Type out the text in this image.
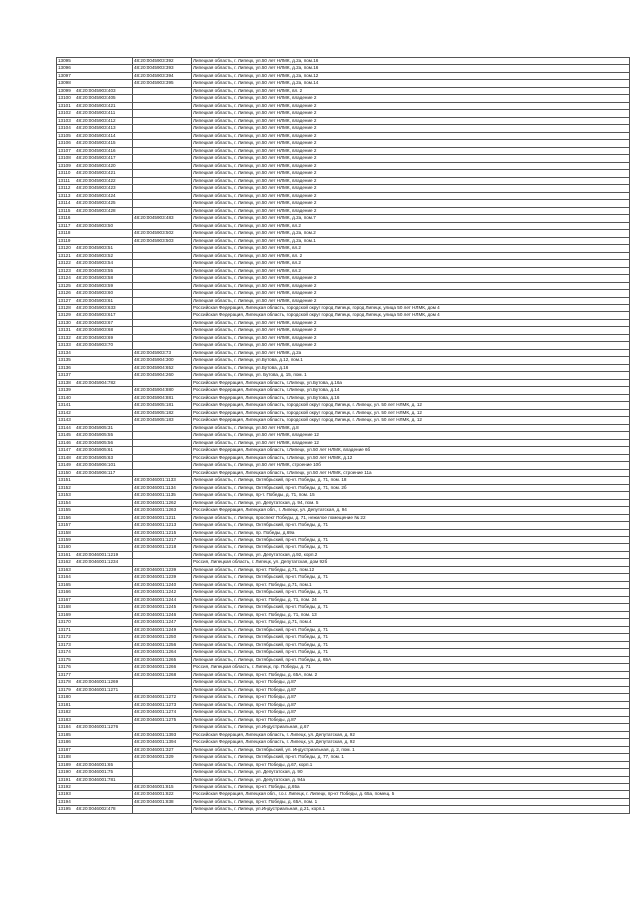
13095	48:20:0045903:392	Липецкая область, г. Липецк, ул.50 лет НЛМК, д.2а, пом.16
13096	48:20:0045903:393	Липецкая область, г. Липецк, ул.50 лет НЛМК, д.2а, пом.16
13097	48:20:0045903:394	Липецкая область, г. Липецк, ул.50 лет НЛМК, д.2а, пом.12
13098	48:20:0045903:395	Липецкая область, г. Липецк, ул.50 лет НЛМК, д.2а, пом.14
13099 48:20:0045903:403		Липецкая область, г. Липецк, ул.50 лет НЛМК, вл. 2
13100 48:20:0045903:405		Липецкая область, г. Липецк, ул.50 лет НЛМК, владение 2
13101 48:20:0045903:421		Липецкая область, г. Липецк, ул.50 лет НЛМК, владение 2
13102 48:20:0045903:411		Липецкая область, г. Липецк, ул.50 лет НЛМК, владение 2
13103 48:20:0045903:412		Липецкая область, г. Липецк, ул.50 лет НЛМК, владение 2
13104 48:20:0045903:413		Липецкая область, г. Липецк, ул.50 лет НЛМК, владение 2
13105 48:20:0045903:414		Липецкая область, г. Липецк, ул.50 лет НЛМК, владение 2
13106 48:20:0045903:415		Липецкая область, г. Липецк, ул.50 лет НЛМК, владение 2
13107 48:20:0045903:416		Липецкая область, г. Липецк, ул.50 лет НЛМК, владение 2
13108 48:20:0045903:417		Липецкая область, г. Липецк, ул.50 лет НЛМК, владение 2
13109 48:20:0045903:420		Липецкая область, г. Липецк, ул.50 лет НЛМК, владение 2
13110 48:20:0045903:421		Липецкая область, г. Липецк, ул.50 лет НЛМК, владение 2
13111 48:20:0045903:422		Липецкая область, г. Липецк, ул.50 лет НЛМК, владение 2
13112 48:20:0045903:423		Липецкая область, г. Липецк, ул.50 лет НЛМК, владение 2
13113 48:20:0045903:424		Липецкая область, г. Липецк, ул.50 лет НЛМК, владение 2
13114 48:20:0045903:425		Липецкая область, г. Липецк, ул.50 лет НЛМК, владение 2
13115 48:20:0045903:428		Липецкая область, г. Липецк, ул.50 лет НЛМК, владение 2
13116	48:20:0045903:483	Липецкая область, г. Липецк, ул.50 лет НЛМК, д.2а, пом.7
13117 48:20:0045903:50		Липецкая область, г. Липецк, ул.50 лет НЛМК, вл.2
13118	48:20:0045903:502	Липецкая область, г. Липецк, ул.50 лет НЛМК, д.2а, пом.2
13119	48:20:0045903:503	Липецкая область, г. Липецк, ул.50 лет НЛМК, д.2а, пом.1
13120 48:20:0045903:51		Липецкая область, г. Липецк, ул.50 лет НЛМК, вл.2
13121 48:20:0045903:52		Липецкая область, г. Липецк, ул.50 лет НЛМК, вл. 2
13122 48:20:0045903:54		Липецкая область, г. Липецк, ул.50 лет НЛМК, вл.2
13123 48:20:0045903:55		Липецкая область, г. Липецк, ул.50 лет НЛМК, вл.2
13124 48:20:0045903:58		Липецкая область, г. Липецк, ул.50 лет НЛМК, владение 2
13125 48:20:0045903:59		Липецкая область, г. Липецк, ул.50 лет НЛМК, владение 2
13126 48:20:0045903:60		Липецкая область, г. Липецк, ул.50 лет НЛМК, владение 2
13127 48:20:0045903:61		Липецкая область, г. Липецк, ул.50 лет НЛМК, владение 2
13128 48:20:0045903:633		Российская Федерация, Липецкая область, городской округ город Липецк, город Липецк, улица 50 лет НЛМК, дом 4
13129 48:20:0045903:617		Российская Федерация, Липецкая область, городской округ город Липецк, город Липецк, улица 50 лет НЛМК, дом 4
13130 48:20:0045903:67		Липецкая область, г. Липецк, ул.50 лет НЛМК, владение 2
13131 48:20:0045903:68		Липецкая область, г. Липецк, ул.50 лет НЛМК, владение 2
13132 48:20:0045903:69		Липецкая область, г. Липецк, ул.50 лет НЛМК, владение 2
13133 48:20:0045903:70		Липецкая область, г. Липецк, ул.50 лет НЛМК, владение 2
13134	48:20:0045903:73	Липецкая область, г. Липецк, ул.50 лет НЛМК, д.2а
13135	48:20:0045904:300	Липецкая область, г. Липецк, ул.Бутова, д.12, пом.1
13136	48:20:0045904:652	Липецкая область, г. Липецк, ул.Бутова, д.16
13137	48:20:0045904:260	Липецкая область, г. Липецк, ул. Бутова, д. 15, пом. 1
13138 48:20:0045904:782		Российская Федерация, Липецкая область, г.Липецк, ул.Бутова, д.16а
13139	48:20:0045904:880	Российская Федерация, Липецкая область, г.Липецк, ул.Бутова, д.14
13140	48:20:0045904:881	Российская Федерация, Липецкая область, г.Липецк, ул.Бутова, д.16
13141	48:20:0045905:181	Российская Федерация, Липецкая область, городской округ город Липецк, г. Липецк, ул. 50 лет НЛМК, д. 12
13142	48:20:0045905:182	Российская Федерация, Липецкая область, городской округ город Липецк, г. Липецк, ул. 50 лет НЛМК, д. 12
13143	48:20:0045905:183	Российская Федерация, Липецкая область, городской округ город Липецк, г. Липецк, ул. 50 лет НЛМК, д. 12
13144 48:20:0045905:31		Липецкая область, г. Липецк, ул.50 лет НЛМК, д.8
13145 48:20:0045905:55		Липецкая область, г. Липецк, ул.50 лет НЛМК, владение 12
13146 48:20:0045905:56		Липецкая область, г. Липецк, ул.50 лет НЛМК, владение 12
13147 48:20:0045905:61		Российская Федерация, Липецкая область, г.Липецк, ул.50 лет НЛМК, владение 6б
13148 48:20:0045905:63		Российская Федерация, Липецкая область, г.Липецк, ул.50 лет НЛМК, д.12
13149 48:20:0045906:101		Липецкая область, г. Липецк, ул.50 лет НЛМК, строение 10б
13150 48:20:0045906:117		Российская Федерация, Липецкая область, г.Липецк, ул.50 лет НЛМК, строение 11а
13151	48:20:0046001:1133	Липецкая область, г. Липецк, Октябрьский, пр-кт. Победы, д. 71, пом. 18
13152	48:20:0046001:1134	Липецкая область, г. Липецк, Октябрьский, пр-кт. Победы, д. 71, пом. 2б
13153	48:20:0046001:1135	Липецкая область, г. Липецк, пр-т. Победы, д. 71, пом. 15
13154	48:20:0046001:1262	Липецкая область, г. Липецк, ул. Депутатская, д. 94, пом. 5
13155	48:20:0046001:1263	Российская Федерация, Липецкая обл., г. Липецк, ул. Депутатская, д. 94
13156	48:20:0046001:1211	Липецкая область, г. Липецк, проспект Победы, д. 71, нежилое помещение № 22
13157	48:20:0046001:1213	Липецкая область, г. Липецк, Октябрьский, пр-кт. Победы, д. 71
13158	48:20:0046001:1215	Липецкая область, г. Липецк, пр. Победы, д.69а
13159	48:20:0046001:1217	Липецкая область, г. Липецк, Октябрьский, пр-кт. Победы, д. 71
13160	48:20:0046001:1218	Липецкая область, г. Липецк, Октябрьский, пр-кт. Победы, д. 71
13161 48:20:0046001:1219		Липецкая область, г. Липецк, ул. Депутатская, д.92, корп.2
13162 48:20:0046001:1234		Россия, Липецкая область, г. Липецк, ул. Депутатская, дом 92б
13163	48:20:0046001:1239	Липецкая область, г. Липецк, пр-кт. Победы, д.71, пом.12
13164	48:20:0046001:1239	Липецкая область, г. Липецк, Октябрьский, пр-кт. Победы, д. 71
13165	48:20:0046001:1240	Липецкая область, г. Липецк, пр-кт. Победы, д.71, пом.1
13166	48:20:0046001:1242	Липецкая область, г. Липецк, Октябрьский, пр-кт. Победы, д. 71
13167	48:20:0046001:1244	Липецкая область, г. Липецк, пр-кт. Победы, д. 71, пом. 24
13168	48:20:0046001:1245	Липецкая область, г. Липецк, Октябрьский, пр-кт. Победы, д. 71
13169	48:20:0046001:1246	Липецкая область, г. Липецк, пр-кт. Победы, д. 71, пом. 13
13170	48:20:0046001:1247	Липецкая область, г. Липецк, пр-кт. Победы, д.71, пом.4
13171	48:20:0046001:1249	Липецкая область, г. Липецк, Октябрьский, пр-кт. Победы, д. 71
13172	48:20:0046001:1250	Липецкая область, г. Липецк, Октябрьский, пр-кт. Победы, д. 71
13173	48:20:0046001:1256	Липецкая область, г. Липецк, Октябрьский, пр-кт. Победы, д. 71
13174	48:20:0046001:1264	Липецкая область, г. Липецк, Октябрьский, пр-кт. Победы, д. 71
13175	48:20:0046001:1265	Липецкая область, г. Липецк, Октябрьский, пр-кт. Победы, д. 65А
13176	48:20:0046001:1266	Россия, Липецкая область, г. Липецк, пр. Победы, д. 71
13177	48:20:0046001:1268	Липецкая область, г. Липецк, пр-кт. Победы, д. 65А, пом. 2
13178 48:20:0046001:1269		Липецкая область, г. Липецк, пр-кт Победы, д.87
13179 48:20:0046001:1271		Липецкая область, г. Липецк, пр-кт Победы, д.87
13180	48:20:0046001:1272	Липецкая область, г. Липецк, пр-кт Победы, д.87
13181	48:20:0046001:1273	Липецкая область, г. Липецк, пр-кт Победы, д.87
13182	48:20:0046001:1274	Липецкая область, г. Липецк, пр-кт Победы, д.87
13183	48:20:0046001:1275	Липецкая область, г. Липецк, пр-кт Победы, д.87
13184 48:20:0046001:1276		Липецкая область, г. Липецк, ул.Индустриальная, д.67
13185	48:20:0046001:1393	Российская Федерация, Липецкая область, г. Липецк, ул. Депутатская, д. 92
13186	48:20:0046001:1394	Российская Федерация, Липецкая область, г. Липецк, ул. Депутатская, д. 92
13187	48:20:0046001:327	Липецкая область, г. Липецк, Октябрьский, ул. Индустриальная, д. 2, пом. 1
13188	48:20:0046001:329	Липецкая область, г. Липецк, Октябрьский, пр-кт. Победы, д. 77, пом. 1
13189 48:20:0046001:65		Липецкая область, г. Липецк, пр-кт Победы, д.67, корп.1
13190 48:20:0046001:75		Липецкая область, г. Липецк, ул. Депутатская, д. 90
13191 48:20:0046001:781		Липецкая область, г. Липецк, ул. Депутатская, д. 94а
13192	48:20:0046001:815	Липецкая область, г. Липецк, пр-кт. Победы, д.65а
13193	48:20:0046001:822	Российская Федерация, Липецкая обл., г.о.г. Липецк, г. Липецк, пр-кт Победы, д. 65а, помещ. 5
13194	48:20:0046001:838	Липецкая область, г. Липецк, пр-кт. Победы, д. 65А, пом. 1
13195 48:20:0046002:478		Липецкая область, г. Липецк, ул.Индустриальная, д.21, корп.1
